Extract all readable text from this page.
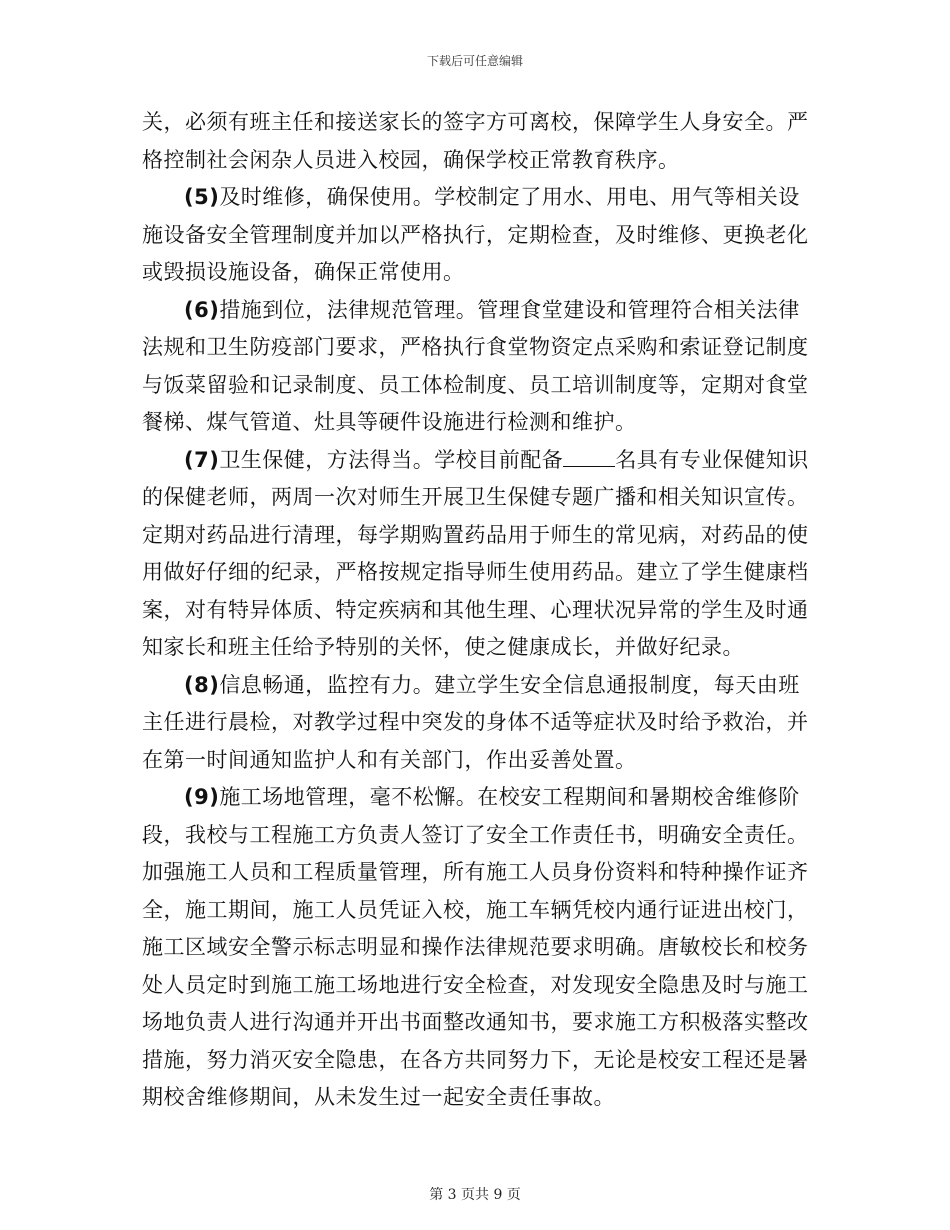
下载后可任意编辑

关，必须有班主任和接送家长的签字方可离校，保障学生人身安全。严格控制社会闲杂人员进入校园，确保学校正常教育秩序。

(5)及时维修，确保使用。学校制定了用水、用电、用气等相关设施设备安全管理制度并加以严格执行，定期检查，及时维修、更换老化或毁损设施设备，确保正常使用。

(6)措施到位，法律规范管理。管理食堂建设和管理符合相关法律法规和卫生防疫部门要求，严格执行食堂物资定点采购和索证登记制度与饭菜留验和记录制度、员工体检制度、员工培训制度等，定期对食堂餐梯、煤气管道、灶具等硬件设施进行检测和维护。

(7)卫生保健，方法得当。学校目前配备 名具有专业保健知识的保健老师，两周一次对师生开展卫生保健专题广播和相关知识宣传。定期对药品进行清理，每学期购置药品用于师生的常见病，对药品的使用做好仔细的纪录，严格按规定指导师生使用药品。建立了学生健康档案，对有特异体质、特定疾病和其他生理、心理状况异常的学生及时通知家长和班主任给予特别的关怀，使之健康成长，并做好纪录。

(8)信息畅通，监控有力。建立学生安全信息通报制度，每天由班主任进行晨检，对教学过程中突发的身体不适等症状及时给予救治，并在第一时间通知监护人和有关部门，作出妥善处置。

(9)施工场地管理，毫不松懈。在校安工程期间和暑期校舍维修阶段，我校与工程施工方负责人签订了安全工作责任书，明确安全责任。加强施工人员和工程质量管理，所有施工人员身份资料和特种操作证齐全，施工期间，施工人员凭证入校，施工车辆凭校内通行证进出校门，施工区域安全警示标志明显和操作法律规范要求明确。唐敏校长和校务处人员定时到施工施工场地进行安全检查，对发现安全隐患及时与施工场地负责人进行沟通并开出书面整改通知书，要求施工方积极落实整改措施，努力消灭安全隐患，在各方共同努力下，无论是校安工程还是暑期校舍维修期间，从未发生过一起安全责任事故。

第 3 页共 9 页
